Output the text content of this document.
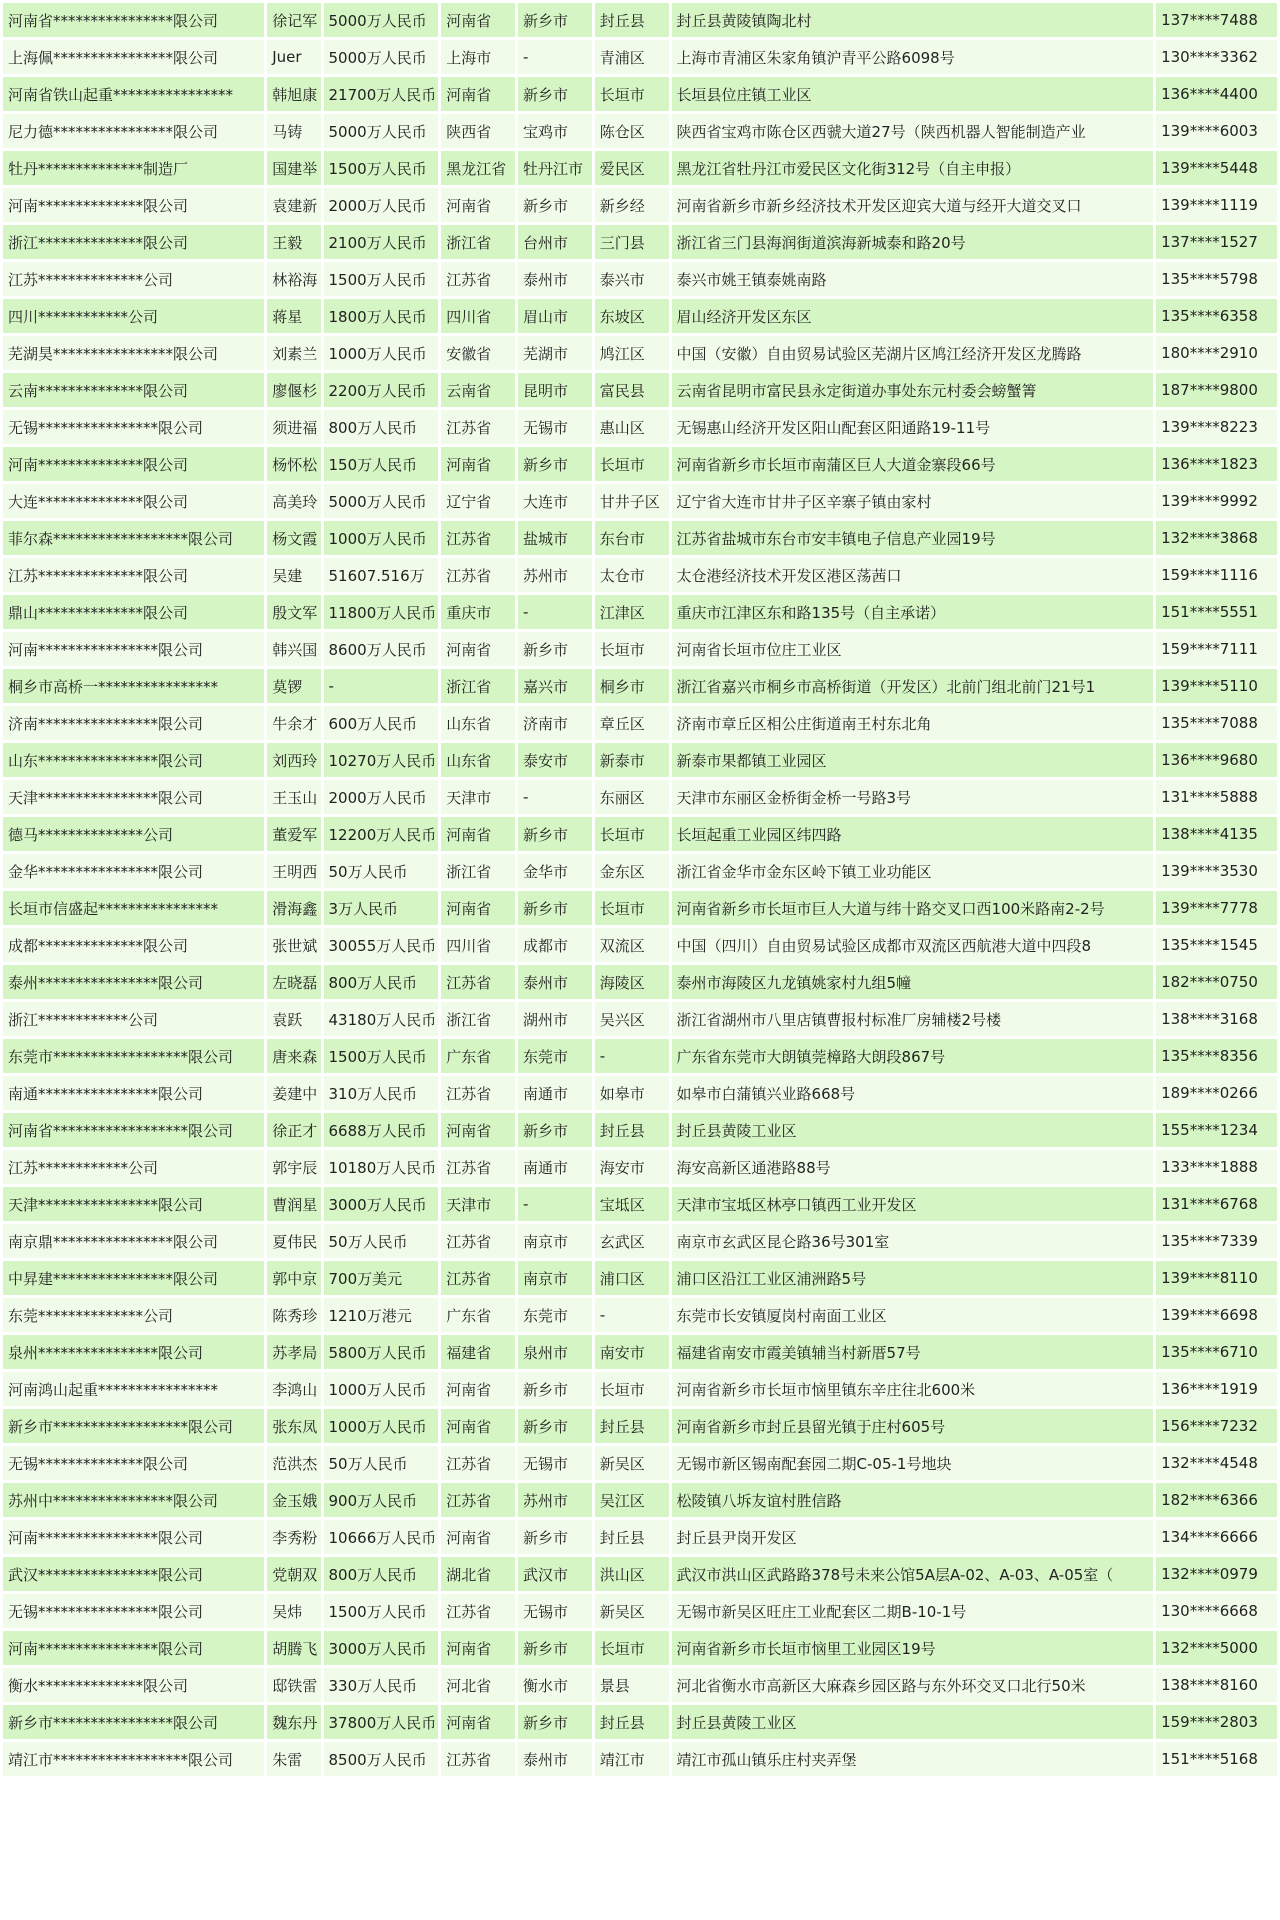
河南省****************限公司	徐记军	5000万人民币	河南省	新乡市	封丘县	封丘县黄陵镇陶北村	137****7488
上海佩****************限公司	Juer	5000万人民币	上海市	-	青浦区	上海市青浦区朱家角镇沪青平公路6098号	130****3362
河南省铁山起重****************	韩旭康	21700万人民币	河南省	新乡市	长垣市	长垣县位庄镇工业区	136****4400
尼力德****************限公司	马铸	5000万人民币	陕西省	宝鸡市	陈仓区	陕西省宝鸡市陈仓区西虢大道27号（陕西机器人智能制造产业	139****6003
牡丹**************制造厂	国建举	1500万人民币	黑龙江省	牡丹江市	爱民区	黑龙江省牡丹江市爱民区文化街312号（自主申报）	139****5448
河南**************限公司	袁建新	2000万人民币	河南省	新乡市	新乡经	河南省新乡市新乡经济技术开发区迎宾大道与经开大道交叉口	139****1119
浙江**************限公司	王毅	2100万人民币	浙江省	台州市	三门县	浙江省三门县海润街道滨海新城泰和路20号	137****1527
江苏**************公司	林裕海	1500万人民币	江苏省	泰州市	泰兴市	泰兴市姚王镇泰姚南路	135****5798
四川************公司	蒋星	1800万人民币	四川省	眉山市	东坡区	眉山经济开发区东区	135****6358
芜湖昊****************限公司	刘素兰	1000万人民币	安徽省	芜湖市	鸠江区	中国（安徽）自由贸易试验区芜湖片区鸠江经济开发区龙腾路	180****2910
云南**************限公司	廖偃杉	2200万人民币	云南省	昆明市	富民县	云南省昆明市富民县永定街道办事处东元村委会螃蟹箐	187****9800
无锡****************限公司	须进福	800万人民币	江苏省	无锡市	惠山区	无锡惠山经济开发区阳山配套区阳通路19-11号	139****8223
河南**************限公司	杨怀松	150万人民币	河南省	新乡市	长垣市	河南省新乡市长垣市南蒲区巨人大道金寨段66号	136****1823
大连**************限公司	高美玲	5000万人民币	辽宁省	大连市	甘井子区	辽宁省大连市甘井子区辛寨子镇由家村	139****9992
菲尔森******************限公司	杨文霞	1000万人民币	江苏省	盐城市	东台市	江苏省盐城市东台市安丰镇电子信息产业园19号	132****3868
江苏**************限公司	吴建	51607.516万	江苏省	苏州市	太仓市	太仓港经济技术开发区港区荡茜口	159****1116
鼎山**************限公司	殷文军	11800万人民币	重庆市	-	江津区	重庆市江津区东和路135号（自主承诺）	151****5551
河南****************限公司	韩兴国	8600万人民币	河南省	新乡市	长垣市	河南省长垣市位庄工业区	159****7111
桐乡市高桥一****************	莫锣	-	浙江省	嘉兴市	桐乡市	浙江省嘉兴市桐乡市高桥街道（开发区）北前门组北前门21号1	139****5110
济南****************限公司	牛余才	600万人民币	山东省	济南市	章丘区	济南市章丘区相公庄街道南王村东北角	135****7088
山东****************限公司	刘西玲	10270万人民币	山东省	泰安市	新泰市	新泰市果都镇工业园区	136****9680
天津****************限公司	王玉山	2000万人民币	天津市	-	东丽区	天津市东丽区金桥街金桥一号路3号	131****5888
德马**************公司	董爱军	12200万人民币	河南省	新乡市	长垣市	长垣起重工业园区纬四路	138****4135
金华****************限公司	王明西	50万人民币	浙江省	金华市	金东区	浙江省金华市金东区岭下镇工业功能区	139****3530
长垣市信盛起****************	滑海鑫	3万人民币	河南省	新乡市	长垣市	河南省新乡市长垣市巨人大道与纬十路交叉口西100米路南2-2号	139****7778
成都**************限公司	张世斌	30055万人民币	四川省	成都市	双流区	中国（四川）自由贸易试验区成都市双流区西航港大道中四段8	135****1545
泰州****************限公司	左晓磊	800万人民币	江苏省	泰州市	海陵区	泰州市海陵区九龙镇姚家村九组5幢	182****0750
浙江************公司	袁跃	43180万人民币	浙江省	湖州市	吴兴区	浙江省湖州市八里店镇曹报村标准厂房辅楼2号楼	138****3168
东莞市******************限公司	唐来森	1500万人民币	广东省	东莞市	-	广东省东莞市大朗镇莞樟路大朗段867号	135****8356
南通****************限公司	姜建中	310万人民币	江苏省	南通市	如皋市	如皋市白蒲镇兴业路668号	189****0266
河南省******************限公司	徐正才	6688万人民币	河南省	新乡市	封丘县	封丘县黄陵工业区	155****1234
江苏************公司	郭宇辰	10180万人民币	江苏省	南通市	海安市	海安高新区通港路88号	133****1888
天津****************限公司	曹润星	3000万人民币	天津市	-	宝坻区	天津市宝坻区林亭口镇西工业开发区	131****6768
南京鼎****************限公司	夏伟民	50万人民币	江苏省	南京市	玄武区	南京市玄武区昆仑路36号301室	135****7339
中昇建****************限公司	郭中京	700万美元	江苏省	南京市	浦口区	浦口区沿江工业区浦洲路5号	139****8110
东莞**************公司	陈秀珍	1210万港元	广东省	东莞市	-	东莞市长安镇厦岗村南面工业区	139****6698
泉州****************限公司	苏孝局	5800万人民币	福建省	泉州市	南安市	福建省南安市霞美镇辅当村新厝57号	135****6710
河南鸿山起重****************	李鸿山	1000万人民币	河南省	新乡市	长垣市	河南省新乡市长垣市恼里镇东辛庄往北600米	136****1919
新乡市******************限公司	张东凤	1000万人民币	河南省	新乡市	封丘县	河南省新乡市封丘县留光镇于庄村605号	156****7232
无锡**************限公司	范洪杰	50万人民币	江苏省	无锡市	新吴区	无锡市新区锡南配套园二期C-05-1号地块	132****4548
苏州中****************限公司	金玉娥	900万人民币	江苏省	苏州市	吴江区	松陵镇八坼友谊村胜信路	182****6366
河南****************限公司	李秀粉	10666万人民币	河南省	新乡市	封丘县	封丘县尹岗开发区	134****6666
武汉****************限公司	党朝双	800万人民币	湖北省	武汉市	洪山区	武汉市洪山区武路路378号未来公馆5A层A-02、A-03、A-05室（	132****0979
无锡****************限公司	吴炜	1500万人民币	江苏省	无锡市	新吴区	无锡市新吴区旺庄工业配套区二期B-10-1号	130****6668
河南****************限公司	胡腾飞	3000万人民币	河南省	新乡市	长垣市	河南省新乡市长垣市恼里工业园区19号	132****5000
衡水**************限公司	邸铁雷	330万人民币	河北省	衡水市	景县	河北省衡水市高新区大麻森乡园区路与东外环交叉口北行50米	138****8160
新乡市****************限公司	魏东丹	37800万人民币	河南省	新乡市	封丘县	封丘县黄陵工业区	159****2803
靖江市******************限公司	朱雷	8500万人民币	江苏省	泰州市	靖江市	靖江市孤山镇乐庄村夹弄堡	151****5168
